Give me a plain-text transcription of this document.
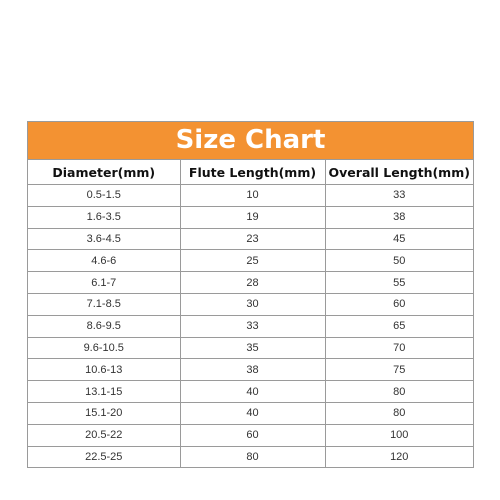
Size Chart
Diameter(mm)	Flute Length(mm)	Overall Length(mm)
0.5-1.5	10	33
1.6-3.5	19	38
3.6-4.5	23	45
4.6-6	25	50
6.1-7	28	55
7.1-8.5	30	60
8.6-9.5	33	65
9.6-10.5	35	70
10.6-13	38	75
13.1-15	40	80
15.1-20	40	80
20.5-22	60	100
22.5-25	80	120
